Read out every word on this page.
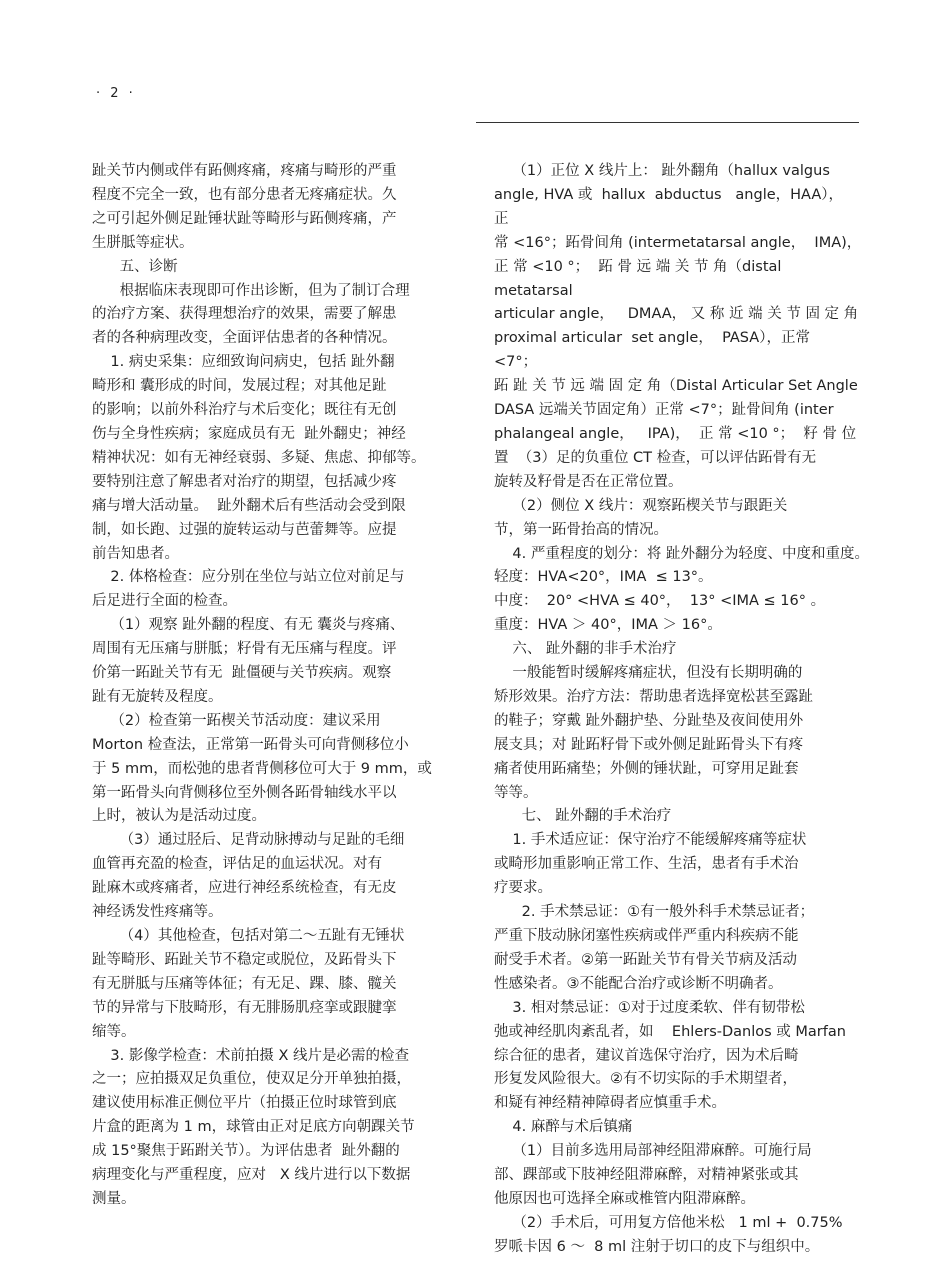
· 2 ·

趾关节内侧或伴有跖侧疼痛，疼痛与畸形的严重

程度不完全一致，也有部分患者无疼痛症状。久

之可引起外侧足趾锤状趾等畸形与跖侧疼痛，产

生胼胝等症状。

五、诊断

根据临床表现即可作出诊断，但为了制订合理

的治疗方案、获得理想治疗的效果，需要了解患

者的各种病理改变，全面评估患者的各种情况。

1. 病史采集：应细致询问病史，包括 趾外翻

畸形和 囊形成的时间，发展过程；对其他足趾

的影响；以前外科治疗与术后变化；既往有无创

伤与全身性疾病；家庭成员有无  趾外翻史；神经

精神状况：如有无神经衰弱、多疑、焦虑、抑郁等。

要特别注意了解患者对治疗的期望，包括减少疼

痛与增大活动量。  趾外翻术后有些活动会受到限

制，如长跑、过强的旋转运动与芭蕾舞等。应提

前告知患者。

2. 体格检查：应分别在坐位与站立位对前足与

后足进行全面的检查。

（1）观察 趾外翻的程度、有无 囊炎与疼痛、

周围有无压痛与胼胝；籽骨有无压痛与程度。评

价第一跖趾关节有无  趾僵硬与关节疾病。观察

趾有无旋转及程度。

（2）检查第一跖楔关节活动度：建议采用

Morton 检查法，正常第一跖骨头可向背侧移位小

于 5 mm，而松弛的患者背侧移位可大于 9 mm，或

第一跖骨头向背侧移位至外侧各跖骨轴线水平以

上时，被认为是活动过度。

（3）通过胫后、足背动脉搏动与足趾的毛细

血管再充盈的检查，评估足的血运状况。对有

趾麻木或疼痛者，应进行神经系统检查，有无皮

神经诱发性疼痛等。

（4）其他检查，包括对第二～五趾有无锤状

趾等畸形、跖趾关节不稳定或脱位，及跖骨头下

有无胼胝与压痛等体征；有无足、踝、膝、髋关

节的异常与下肢畸形，有无腓肠肌痉挛或跟腱挛

缩等。

3. 影像学检查：术前拍摄 X 线片是必需的检查

之一；应拍摄双足负重位，使双足分开单独拍摄，

建议使用标准正侧位平片（拍摄正位时球管到底

片盒的距离为 1 m，球管由正对足底方向朝踝关节

成 15°聚焦于跖跗关节）。为评估患者  趾外翻的

病理变化与严重程度，应对   X 线片进行以下数据

测量。

（1）正位 X 线片上： 趾外翻角（hallux valgus

angle, HVA 或  hallux  abductus   angle，HAA），

正

常 <16°；跖骨间角 (intermetatarsal angle，  IMA)，

正 常 <10 °；  跖 骨 远 端 关 节 角（distal

metatarsal

articular angle，   DMAA， 又 称 近 端 关 节 固 定 角

proximal articular  set angle，  PASA），正常

<7°；

跖 趾 关 节 远 端 固 定 角（Distal Articular Set Angle

DASA 远端关节固定角）正常 <7°；趾骨间角 (inter

phalangeal angle，   IPA)，  正 常 <10 °；  籽 骨 位

置  （3）足的负重位 CT 检查，可以评估跖骨有无

旋转及籽骨是否在正常位置。

（2）侧位 X 线片：观察跖楔关节与跟距关

节，第一跖骨抬高的情况。

4. 严重程度的划分：将 趾外翻分为轻度、中度和重度。

轻度：HVA<20°，IMA  ≤ 13°。

中度：  20° <HVA ≤ 40°，  13° <IMA ≤ 16° 。

重度：HVA ＞ 40°，IMA ＞ 16°。

六、 趾外翻的非手术治疗

一般能暂时缓解疼痛症状，但没有长期明确的

矫形效果。治疗方法：帮助患者选择宽松甚至露趾

的鞋子；穿戴 趾外翻护垫、分趾垫及夜间使用外

展支具；对 趾跖籽骨下或外侧足趾跖骨头下有疼

痛者使用跖痛垫；外侧的锤状趾，可穿用足趾套

等等。

七、 趾外翻的手术治疗

1. 手术适应证：保守治疗不能缓解疼痛等症状

或畸形加重影响正常工作、生活，患者有手术治

疗要求。

2. 手术禁忌证：①有一般外科手术禁忌证者；

严重下肢动脉闭塞性疾病或伴严重内科疾病不能

耐受手术者。②第一跖趾关节有骨关节病及活动

性感染者。③不能配合治疗或诊断不明确者。

3. 相对禁忌证：①对于过度柔软、伴有韧带松

弛或神经肌肉紊乱者，如    Ehlers-Danlos 或 Marfan

综合征的患者，建议首选保守治疗，因为术后畸

形复发风险很大。②有不切实际的手术期望者，

和疑有神经精神障碍者应慎重手术。

4. 麻醉与术后镇痛

（1）目前多选用局部神经阻滞麻醉。可施行局

部、踝部或下肢神经阻滞麻醉，对精神紧张或其

他原因也可选择全麻或椎管内阻滞麻醉。

（2）手术后，可用复方倍他米松   1 ml +  0.75%

罗哌卡因 6 ～  8 ml 注射于切口的皮下与组织中。
